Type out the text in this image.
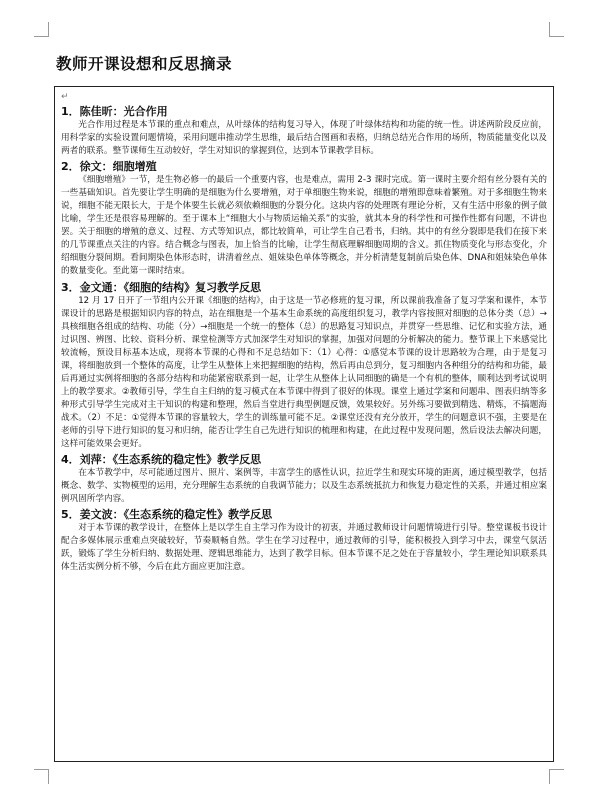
教师开课设想和反思摘录
↵
1．陈佳昕：光合作用

光合作用过程是本节课的重点和难点，从叶绿体的结构复习导入，体现了叶绿体结构和功能的统一性。讲述两阶段反应前，用科学家的实验设置问题情境，采用问题串推动学生思维，最后结合图画和表格，归纳总结光合作用的场所，物质能量变化以及两者的联系。整节课师生互动较好，学生对知识的掌握到位，达到本节课教学目标。

2．徐文：细胞增殖

《细胞增殖》一节，是生物必修一的最后一个重要内容，也是难点，需用 2-3 课时完成。第一课时主要介绍有丝分裂有关的一些基础知识。首先要让学生明确的是细胞为什么要增殖，对于单细胞生物来说，细胞的增殖即意味着繁殖。对于多细胞生物来说，细胞不能无限长大，于是个体要生长就必须依赖细胞的分裂分化。这块内容的处理既有理论分析，又有生活中形象的例子做比喻，学生还是很容易理解的。至于课本上“细胞大小与物质运输关系”的实验，就其本身的科学性和可操作性都有问题，不讲也罢。关于细胞的增殖的意义、过程、方式等知识点，都比较简单，可让学生自己看书，归纳。其中的有丝分裂即是我们在接下来的几节课重点关注的内容。结合概念与图表，加上恰当的比喻，让学生彻底理解细胞周期的含义。抓住物质变化与形态变化，介绍细胞分裂间期。看间期染色体形态时，讲清着丝点、姐妹染色单体等概念，并分析清楚复制前后染色体、DNA和姐妹染色单体的数量变化。至此第一课时结束。

3．金文通：《细胞的结构》复习教学反思

12 月 17 日开了一节组内公开课《细胞的结构》，由于这是一节必修班的复习课，所以课前我准备了复习学案和课件，本节课设计的思路是根据知识内容的特点，站在细胞是一个基本生命系统的高度组织复习，教学内容按照对细胞的总体分类（总）→具核细胞各组成的结构、功能（分）→细胞是一个统一的整体（总）的思路复习知识点，并贯穿一些思维、记忆和实验方法，通过识图、辨图、比较、资料分析、课堂检测等方式加深学生对知识的掌握，加强对问题的分析解决的能力。整节课上下来感觉比较流畅，预设目标基本达成，现将本节课的心得和不足总结如下：（1）心得：①感觉本节课的设计思路较为合理，由于是复习课，将细胞放到一个整体的高度，让学生从整体上来把握细胞的结构，然后再由总到分，复习细胞内各种组分的结构和功能，最后再通过实例将细胞的各部分结构和功能紧密联系到一起，让学生从整体上认同细胞的确是一个有机的整体，顺利达到考试说明上的教学要求。②教师引导，学生自主归纳的复习模式在本节课中得到了很好的体现。课堂上通过学案和问题串、图表归纳等多种形式引导学生完成对主干知识的构建和整理，然后当堂进行典型例题反馈，效果较好。另外练习要做到精选、精炼，不搞题海战术。（2）不足：①觉得本节课的容量较大，学生的训练量可能不足。②课堂还没有充分放开，学生的问题意识不强，主要是在老师的引导下进行知识的复习和归纳，能否让学生自己先进行知识的梳理和构建，在此过程中发现问题，然后设法去解决问题，这样可能效果会更好。

4．刘萍：《生态系统的稳定性》教学反思

在本节教学中，尽可能通过图片、照片、案例等，丰富学生的感性认识，拉近学生和现实环境的距离，通过模型教学，包括概念、数学、实物模型的运用，充分理解生态系统的自我调节能力；以及生态系统抵抗力和恢复力稳定性的关系，并通过相应案例巩固所学内容。

5．姜文波：《生态系统的稳定性》教学反思

对于本节课的教学设计，在整体上是以学生自主学习作为设计的初衷，并通过教师设计问题情境进行引导。整堂课板书设计配合多媒体展示重难点突破较好，节奏顺畅自然。学生在学习过程中，通过教师的引导，能积极投入到学习中去，课堂气氛活跃，锻炼了学生分析归纳、数据处理、逻辑思维能力，达到了教学目标。但本节课不足之处在于容量较小，学生理论知识联系具体生活实例分析不够，今后在此方面应更加注意。
